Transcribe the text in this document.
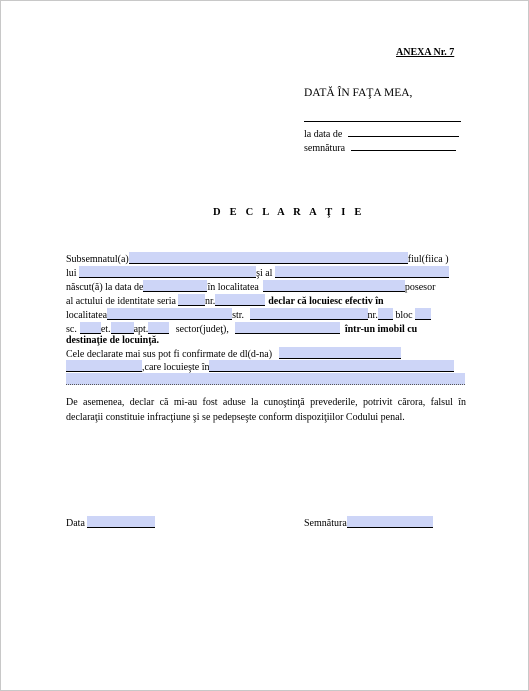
ANEXA Nr. 7
DATĂ ÎN FAŢA MEA,
la data de
semnătura
D E C L A R A Ţ I E
Subsemnatul(a)	fiul(fiica )
lui	şi al
născut(ă) la data de	în localitatea	posesor
al actului de identitate seria	nr.	declar că locuiesc efectiv în
localitatea	str.	nr. bloc
sc. et. apt.	sector(judeţ),	într-un imobil cu
destinaţie de locuinţă.
Cele declarate mai sus pot fi confirmate de dl(d-na)
,care locuieşte în
De asemenea, declar că mi-au fost aduse la cunoştinţă prevederile, potrivit cărora, falsul în declaraţii constituie infracţiune şi se pedepseşte conform dispoziţiilor Codului penal.
Data	Semnătura
